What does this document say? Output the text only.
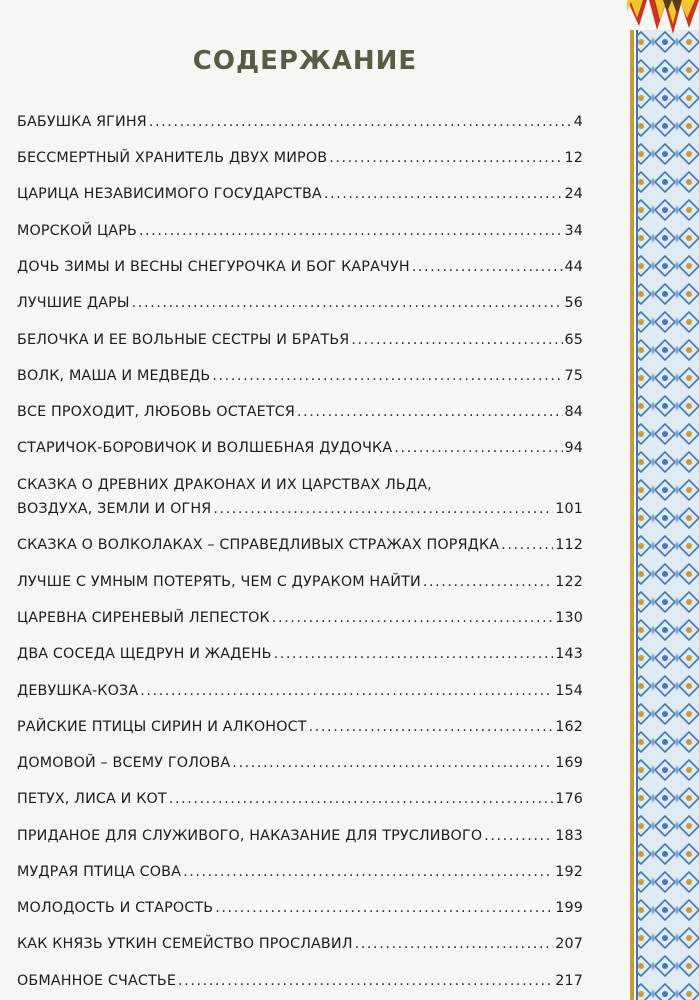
СОДЕРЖАНИЕ
БАБУШКА ЯГИНЯ .....	4
БЕССМЕРТНЫЙ ХРАНИТЕЛЬ ДВУХ МИРОВ .....	12
ЦАРИЦА НЕЗАВИСИМОГО ГОСУДАРСТВА .....	24
МОРСКОЙ ЦАРЬ .....	34
ДОЧЬ ЗИМЫ И ВЕСНЫ СНЕГУРОЧКА И БОГ КАРАЧУН .....	44
ЛУЧШИЕ ДАРЫ .....	56
БЕЛОЧКА И ЕЕ ВОЛЬНЫЕ СЕСТРЫ И БРАТЬЯ .....	65
ВОЛК, МАША И МЕДВЕДЬ .....	75
ВСЕ ПРОХОДИТ, ЛЮБОВЬ ОСТАЕТСЯ .....	84
СТАРИЧОК-БОРОВИЧОК И ВОЛШЕБНАЯ ДУДОЧКА .....	94
СКАЗКА О ДРЕВНИХ ДРАКОНАХ И ИХ ЦАРСТВАХ ЛЬДА,
ВОЗДУХА, ЗЕМЛИ И ОГНЯ .....	101
СКАЗКА О ВОЛКОЛАКАХ – СПРАВЕДЛИВЫХ СТРАЖАХ ПОРЯДКА .....	112
ЛУЧШЕ С УМНЫМ ПОТЕРЯТЬ, ЧЕМ С ДУРАКОМ НАЙТИ .....	122
ЦАРЕВНА СИРЕНЕВЫЙ ЛЕПЕСТОК .....	130
ДВА СОСЕДА ЩЕДРУН И ЖАДЕНЬ .....	143
ДЕВУШКА-КОЗА .....	154
РАЙСКИЕ ПТИЦЫ СИРИН И АЛКОНОСТ .....	162
ДОМОВОЙ – ВСЕМУ ГОЛОВА .....	169
ПЕТУХ, ЛИСА И КОТ .....	176
ПРИДАНОЕ ДЛЯ СЛУЖИВОГО, НАКАЗАНИЕ ДЛЯ ТРУСЛИВОГО .....	183
МУДРАЯ ПТИЦА СОВА .....	192
МОЛОДОСТЬ И СТАРОСТЬ .....	199
КАК КНЯЗЬ УТКИН СЕМЕЙСТВО ПРОСЛАВИЛ .....	207
ОБМАННОЕ СЧАСТЬЕ .....	217
